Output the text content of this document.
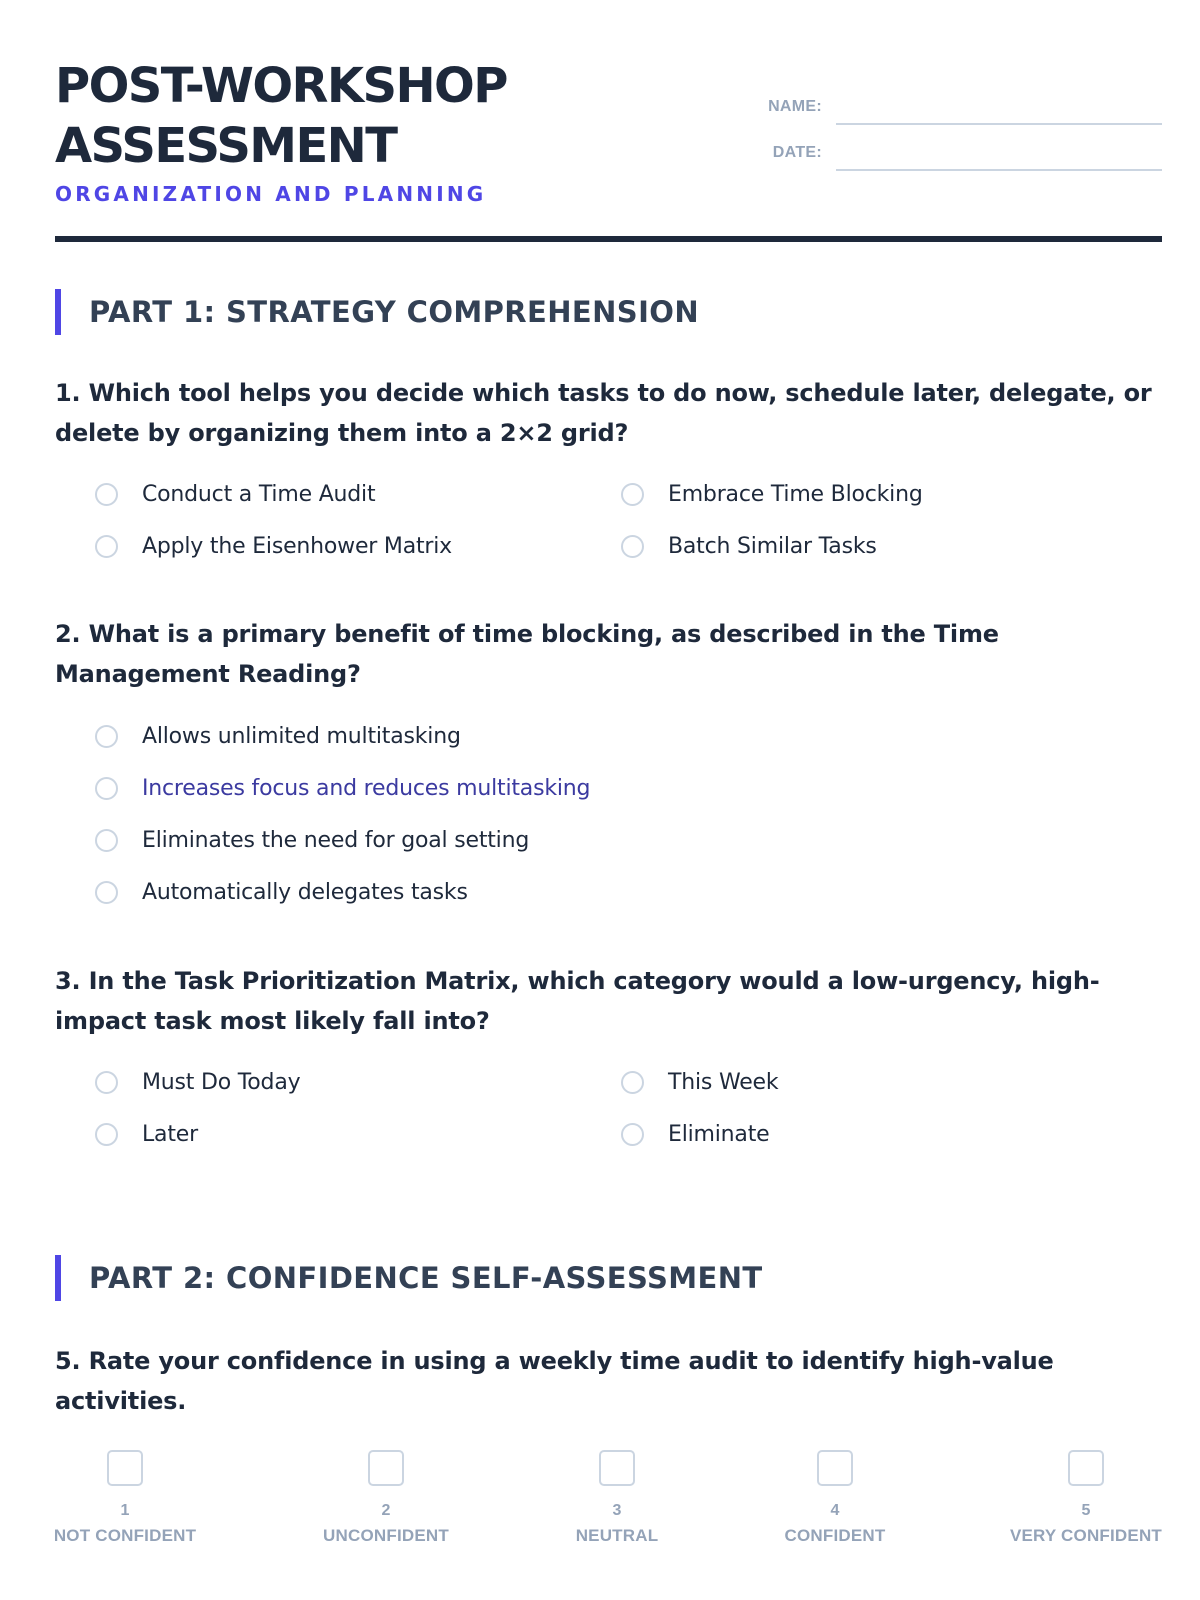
POST-WORKSHOP
ASSESSMENT
ORGANIZATION AND PLANNING
NAME:
DATE:
PART 1: STRATEGY COMPREHENSION
1. Which tool helps you decide which tasks to do now, schedule later, delegate, or delete by organizing them into a 2×2 grid?
Conduct a Time Audit	Embrace Time Blocking
Apply the Eisenhower Matrix	Batch Similar Tasks
2. What is a primary benefit of time blocking, as described in the Time Management Reading?
Allows unlimited multitasking
Increases focus and reduces multitasking
Eliminates the need for goal setting
Automatically delegates tasks
3. In the Task Prioritization Matrix, which category would a low-urgency, high-impact task most likely fall into?
Must Do Today	This Week
Later	Eliminate
PART 2: CONFIDENCE SELF-ASSESSMENT
5. Rate your confidence in using a weekly time audit to identify high-value activities.
1
NOT CONFIDENT
2
UNCONFIDENT
3
NEUTRAL
4
CONFIDENT
5
VERY CONFIDENT
